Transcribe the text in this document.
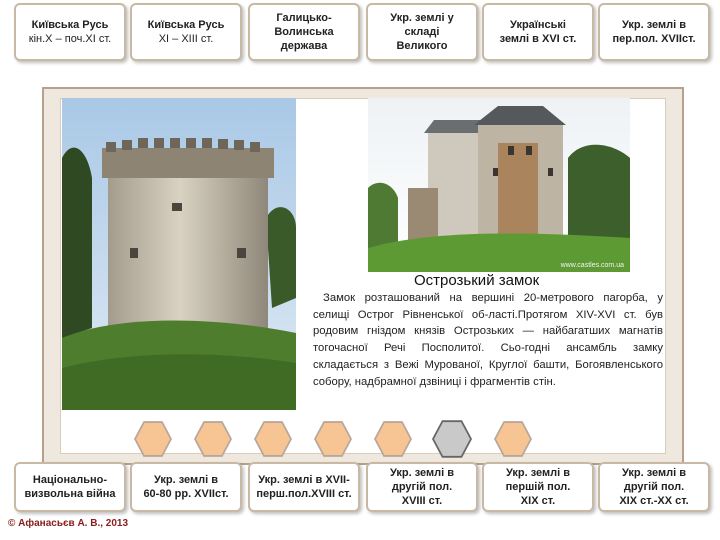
Київська Русь
кін.Х – поч.ХІ ст.
Київська Русь
ХІ – ХІІІ ст.
Галицько-
Волинська
держава
Укр. землі у
складі
Великого
Українські
землі в XVI ст.
Укр. землі в
пер.пол. XVIIст.
www.castles.com.ua
Острозький замок
Замок розташований на вершині 20-метрового пагорба, у селищі Острог Рівненської об-ласті.Протягом XIV-XVI ст. був родовим гніздом князів Острозьких — найбагатших магнатів тогочасної Речі Посполитої. Сьо-годні ансамбль замку складається з Вежі Мурованої, Круглої башти, Богоявленського собору, надбрамної дзвіниці і фрагментів стін.
Національно-
визвольна війна
Укр. землі в
60-80 рр. XVIIст.
Укр. землі в XVII-
перш.пол.XVIII ст.
Укр. землі в
другій пол.
XVIII ст.
Укр. землі в
першій пол.
XIX ст.
Укр. землі в
другій пол.
XIX ст.-XX ст.
© Афанасьєв А. В., 2013
